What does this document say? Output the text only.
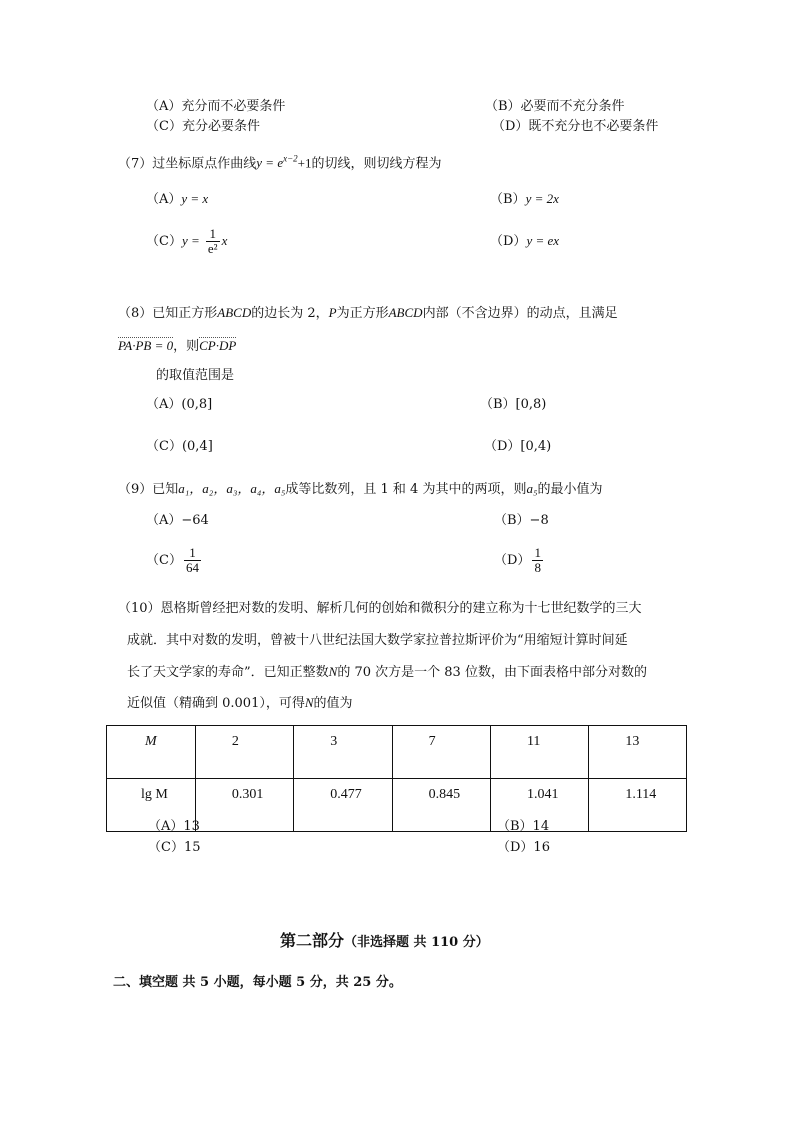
（A）充分而不必要条件	（B）必要而不充分条件
（C）充分必要条件	（D）既不充分也不必要条件
（7）过坐标原点作曲线$y = e^{x-2}+1$的切线，则切线方程为
（A）y = x	（B）y = 2x
$(C)y = \frac{1}{\text{e²}}$ x	（D）y = ex
（8）已知正方形ABCD的边长为 2，P为正方形ABCD内部（不含边界）的动点，且满足
PA·PB = 0，则CP·DP
的取值范围是
（A）(0,8]	（B）[0,8)
（C）(0,4]	（D）[0,4)
（9）已知a₁，a₂，a₃，a₄，a₅成等比数列，且 1 和 4 为其中的两项，则a₅的最小值为
（A）−64	（B）−8
$(C) \frac{1}{64}$	$(D) \frac{1}{8}$
（10）恩格斯曾经把对数的发明、解析几何的创始和微积分的建立称为十七世纪数学的三大
成就．其中对数的发明，曾被十八世纪法国大数学家拉普拉斯评价为“用缩短计算时间延
长了天文学家的寿命”．已知正整数N的 70 次方是一个 83 位数，由下面表格中部分对数的
近似值（精确到 0.001），可得N的值为
M	2	3	7	11	13
lg M	0.301	0.477	0.845	1.041	1.114
（A）13	（B）14
（C）15	（D）16
第二部分（非选择题 共 110 分）
二、填空题 共 5 小题，每小题 5 分，共 25 分。
